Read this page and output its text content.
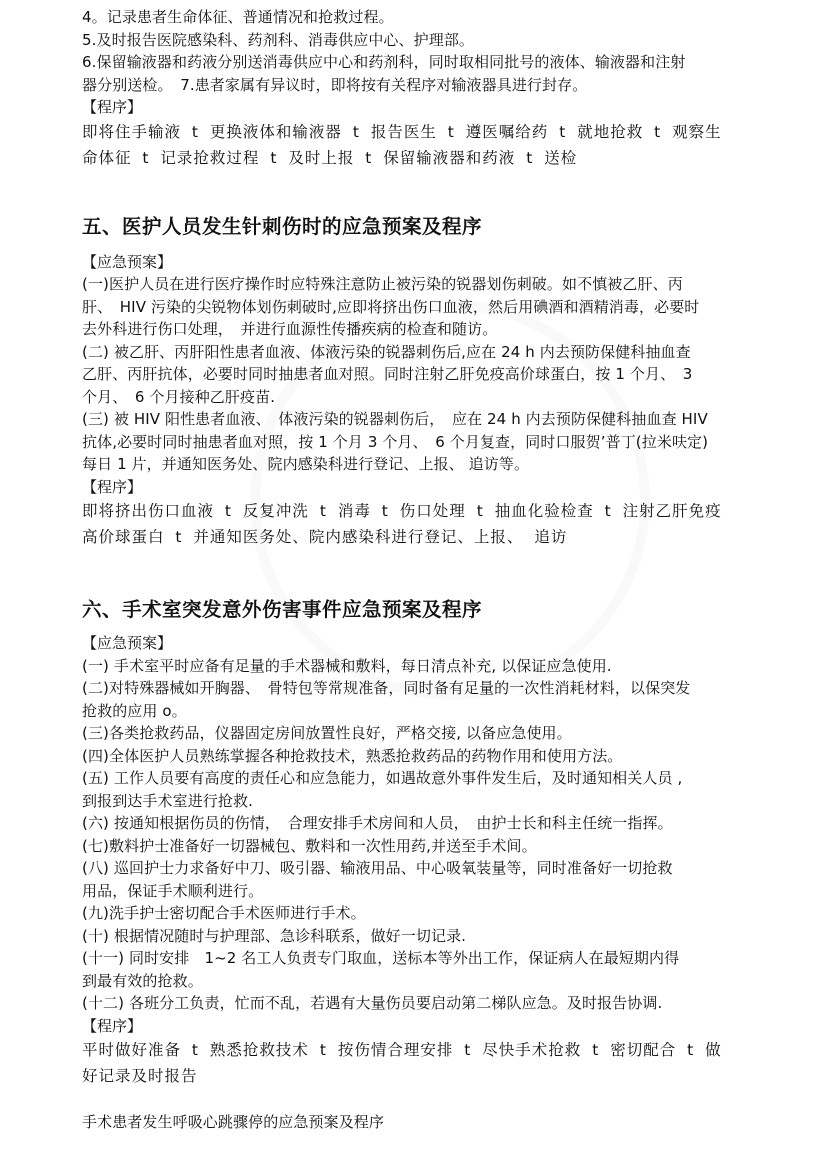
4。记录患者生命体征、普通情况和抢救过程。
5.及时报告医院感染科、药剂科、消毒供应中心、护理部。
6.保留输液器和药液分别送消毒供应中心和药剂科，同时取相同批号的液体、输液器和注射
器分别送检。　7.患者家属有异议时，即将按有关程序对输液器具进行封存。
【程序】
即将住手输液 t 更换液体和输液器 t 报告医生 t 遵医嘱给药 t 就地抢救 t 观察生
命体征 t 记录抢救过程 t 及时上报 t 保留输液器和药液 t 送检
五、医护人员发生针刺伤时的应急预案及程序
【应急预案】
(一)医护人员在进行医疗操作时应特殊注意防止被污染的锐器划伤刺破。如不慎被乙肝、丙
肝、　HIV 污染的尖锐物体划伤刺破时,应即将挤出伤口血液，然后用碘酒和酒精消毒，必要时
去外科进行伤口处理，　并进行血源性传播疾病的检查和随访。
(二) 被乙肝、丙肝阳性患者血液、体液污染的锐器刺伤后,应在 24 h 内去预防保健科抽血查
乙肝、丙肝抗体，必要时同时抽患者血对照。同时注射乙肝免疫高价球蛋白，按 1 个月、　3
个月、　6 个月接种乙肝疫苗.
(三) 被 HIV 阳性患者血液、　体液污染的锐器刺伤后，　应在 24 h 内去预防保健科抽血查 HIV
抗体,必要时同时抽患者血对照，按 1 个月 3 个月、　6 个月复查，同时口服贺’普丁(拉米呋定)
每日 1 片，并通知医务处、院内感染科进行登记、上报、 追访等。
【程序】
即将挤出伤口血液 t 反复冲洗 t 消毒 t 伤口处理 t 抽血化验检查 t 注射乙肝免疫
高价球蛋白 t 并通知医务处、院内感染科进行登记、上报、 追访
六、手术室突发意外伤害事件应急预案及程序
【应急预案】
(一) 手术室平时应备有足量的手术器械和敷料，每日清点补充, 以保证应急使用.
(二)对特殊器械如开胸器、　骨特包等常规准备，同时备有足量的一次性消耗材料，以保突发
抢救的应用 o。
(三)各类抢救药品，仪器固定房间放置性良好，严格交接, 以备应急使用。
(四)全体医护人员熟练掌握各种抢救技术，熟悉抢救药品的药物作用和使用方法。
(五) 工作人员要有高度的责任心和应急能力，如遇故意外事件发生后，及时通知相关人员 ,
到报到达手术室进行抢救.
(六) 按通知根据伤员的伤情，　合理安排手术房间和人员，　由护士长和科主任统一指挥。
(七)敷料护士准备好一切器械包、敷料和一次性用药,并送至手术间。
(八) 巡回护士力求备好中刀、吸引器、输液用品、中心吸氧装量等，同时准备好一切抢救
用品，保证手术顺利进行。
(九)洗手护士密切配合手术医师进行手术。
(十) 根据情况随时与护理部、急诊科联系，做好一切记录.
(十一) 同时安排　1~2 名工人负责专门取血，送标本等外出工作，保证病人在最短期内得
到最有效的抢救。
(十二) 各班分工负责，忙而不乱，若遇有大量伤员要启动第二梯队应急。及时报告协调.
【程序】
平时做好准备 t 熟悉抢救技术 t 按伤情合理安排 t 尽快手术抢救 t 密切配合 t 做
好记录及时报告
手术患者发生呼吸心跳骤停的应急预案及程序
